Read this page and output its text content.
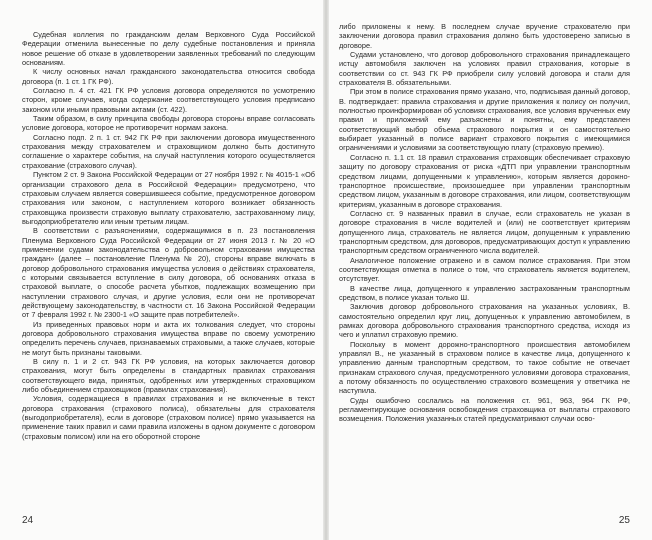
Судебная коллегия по гражданским делам Верховного Суда Российской Федерации отменила вынесенные по делу судебные постановления и приняла новое решение об отказе в удовлетворении заявленных требований по следующим основаниям.

К числу основных начал гражданского законодательства относится свобода договора (п. 1 ст. 1 ГК РФ).

Согласно п. 4 ст. 421 ГК РФ условия договора определяются по усмотрению сторон, кроме случаев, когда содержание соответствующего условия предписано законом или иными правовыми актами (ст. 422).

Таким образом, в силу принципа свободы договора стороны вправе согласовать условие договора, которое не противоречит нормам закона.

Согласно подп. 2 п. 1 ст. 942 ГК РФ при заключении договора имущественного страхования между страхователем и страховщиком должно быть достигнуто соглашение о характере события, на случай наступления которого осуществляется страхование (страхового случая).

Пунктом 2 ст. 9 Закона Российской Федерации от 27 ноября 1992 г. № 4015-1 «Об организации страхового дела в Российской Федерации» предусмотрено, что страховым случаем является совершившееся событие, предусмотренное договором страхования или законом, с наступлением которого возникает обязанность страховщика произвести страховую выплату страхователю, застрахованному лицу, выгодоприобретателю или иным третьим лицам.

В соответствии с разъяснениями, содержащимися в п. 23 постановления Пленума Верховного Суда Российской Федерации от 27 июня 2013 г. № 20 «О применении судами законодательства о добровольном страховании имущества граждан» (далее – постановление Пленума № 20), стороны вправе включать в договор добровольного страхования имущества условия о действиях страхователя, с которыми связывается вступление в силу договора, об основаниях отказа в страховой выплате, о способе расчета убытков, подлежащих возмещению при наступлении страхового случая, и другие условия, если они не противоречат действующему законодательству, в частности ст. 16 Закона Российской Федерации от 7 февраля 1992 г. № 2300-1 «О защите прав потребителей».

Из приведенных правовых норм и акта их толкования следует, что стороны договора добровольного страхования имущества вправе по своему усмотрению определить перечень случаев, признаваемых страховыми, а также случаев, которые не могут быть признаны таковыми.

В силу п. 1 и 2 ст. 943 ГК РФ условия, на которых заключается договор страхования, могут быть определены в стандартных правилах страхования соответствующего вида, принятых, одобренных или утвержденных страховщиком либо объединением страховщиков (правилах страхования).

Условия, содержащиеся в правилах страхования и не включенные в текст договора страхования (страхового полиса), обязательны для страхователя (выгодоприобретателя), если в договоре (страховом полисе) прямо указывается на применение таких правил и сами правила изложены в одном документе с договором (страховым полисом) или на его оборотной стороне

24

либо приложены к нему. В последнем случае вручение страхователю при заключении договора правил страхования должно быть удостоверено записью в договоре.

Судами установлено, что договор добровольного страхования принадлежащего истцу автомобиля заключен на условиях правил страхования, которые в соответствии со ст. 943 ГК РФ приобрели силу условий договора и стали для страхователя В. обязательными.

При этом в полисе страхования прямо указано, что, подписывая данный договор, В. подтверждает: правила страхования и другие приложения к полису он получил, полностью проинформирован об условиях страхования, все условия врученных ему правил и приложений ему разъяснены и понятны, ему представлен соответствующий выбор объема страхового покрытия и он самостоятельно выбирает указанный в полисе вариант страхового покрытия с имеющимися ограничениями и условиями за соответствующую плату (страховую премию).

Согласно п. 1.1 ст. 18 правил страхования страховщик обеспечивает страховую защиту по договору страхования от риска «ДТП при управлении транспортным средством лицами, допущенными к управлению», которым является дорожно-транспортное происшествие, произошедшее при управлении транспортным средством лицом, указанным в договоре страхования, или лицом, соответствующим критериям, указанным в договоре страхования.

Согласно ст. 9 названных правил в случае, если страхователь не указан в договоре страхования в числе водителей и (или) не соответствует критериям допущенного лица, страхователь не является лицом, допущенным к управлению транспортным средством, для договоров, предусматривающих доступ к управлению транспортным средством ограниченного числа водителей.

Аналогичное положение отражено и в самом полисе страхования. При этом соответствующая отметка в полисе о том, что страхователь является водителем, отсутствует.

В качестве лица, допущенного к управлению застрахованным транспортным средством, в полисе указан только Ш.

Заключив договор добровольного страхования на указанных условиях, В. самостоятельно определил круг лиц, допущенных к управлению автомобилем, в рамках договора добровольного страхования транспортного средства, исходя из чего и уплатил страховую премию.

Поскольку в момент дорожно-транспортного происшествия автомобилем управлял В., не указанный в страховом полисе в качестве лица, допущенного к управлению данным транспортным средством, то такое событие не отвечает признакам страхового случая, предусмотренного условиями договора страхования, а потому обязанность по осуществлению страхового возмещения у ответчика не наступила.

Суды ошибочно сослались на положения ст. 961, 963, 964 ГК РФ, регламентирующие основания освобождения страховщика от выплаты страхового возмещения. Положения указанных статей предусматривают случаи осво-

25
